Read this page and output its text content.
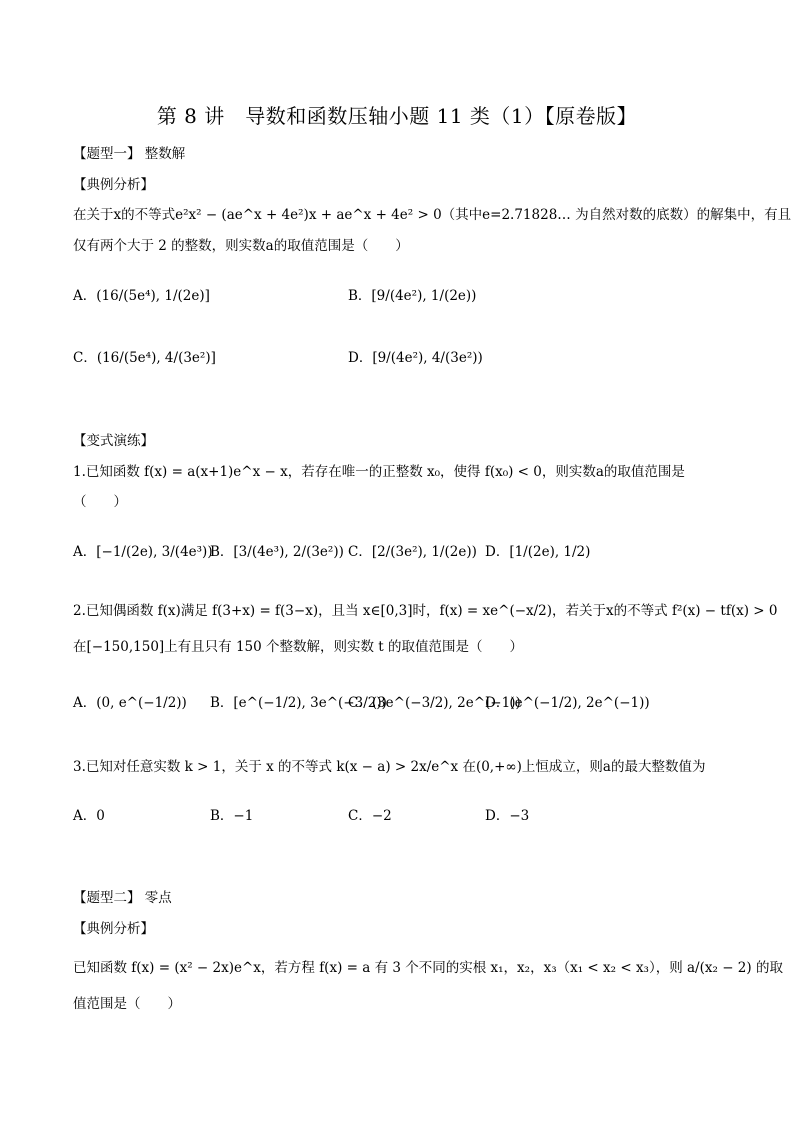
第 8 讲　导数和函数压轴小题 11 类（1）【原卷版】
【题型一】 整数解
【典例分析】
在关于x的不等式e²x² − (ae^x + 4e²)x + ae^x + 4e² > 0（其中e=2.71828… 为自然对数的底数）的解集中，有且
仅有两个大于 2 的整数，则实数a的取值范围是（　　）
A．(16/(5e⁴), 1/(2e)]	B．[9/(4e²), 1/(2e))
C．(16/(5e⁴), 4/(3e²)]	D．[9/(4e²), 4/(3e²))
【变式演练】
1.已知函数 f(x) = a(x+1)e^x − x，若存在唯一的正整数 x₀，使得 f(x₀) < 0，则实数a的取值范围是
（　　）
A．[−1/(2e), 3/(4e³))
B．[3/(4e³), 2/(3e²)) C．[2/(3e²), 1/(2e)) D．[1/(2e), 1/2)
2.已知偶函数 f(x)满足 f(3+x) = f(3−x)，且当 x∈[0,3]时，f(x) = xe^(−x/2)，若关于x的不等式 f²(x) − tf(x) > 0
在[−150,150]上有且只有 150 个整数解，则实数 t 的取值范围是（　　）
A．(0, e^(−1/2)) B．[e^(−1/2), 3e^(−3/2))
C．(3e^(−3/2), 2e^(−1))
D．(e^(−1/2), 2e^(−1))
3.已知对任意实数 k > 1，关于 x 的不等式 k(x − a) > 2x/e^x 在(0,+∞)上恒成立，则a的最大整数值为
A．0	B．−1	C．−2	D．−3
【题型二】 零点
【典例分析】
已知函数 f(x) = (x² − 2x)e^x，若方程 f(x) = a 有 3 个不同的实根 x₁，x₂，x₃（x₁ < x₂ < x₃），则 a/(x₂ − 2) 的取
值范围是（　　）
